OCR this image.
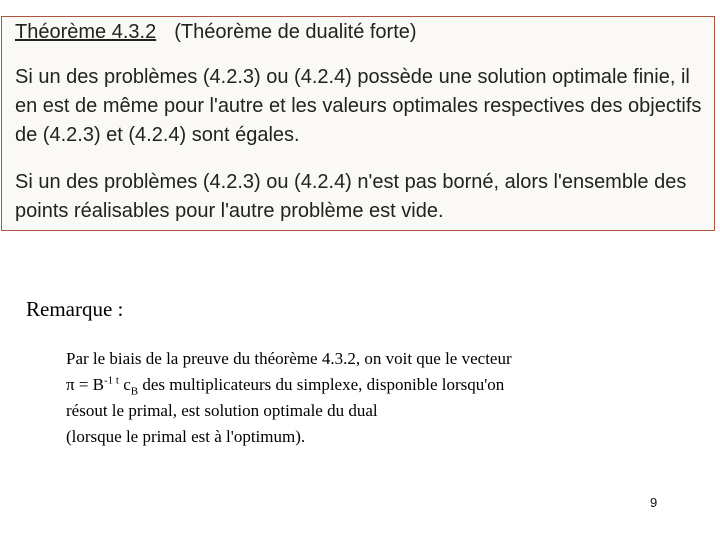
Théorème 4.3.2 (Théorème de dualité forte)

Si un des problèmes (4.2.3) ou (4.2.4) possède une solution optimale finie, il
en est de même pour l'autre et les valeurs optimales respectives des objectifs
de (4.2.3) et (4.2.4) sont égales.

Si un des problèmes (4.2.3) ou (4.2.4) n'est pas borné, alors l'ensemble des
points réalisables pour l'autre problème est vide.

Remarque :
Par le biais de la preuve du théorème 4.3.2, on voit que le vecteur
$\pi = B^{-1 t}$ $c_B$ des multiplicateurs du simplexe, disponible lorsqu'on
résout le primal, est solution optimale du dual
(lorsque le primal est à l'optimum).
9
